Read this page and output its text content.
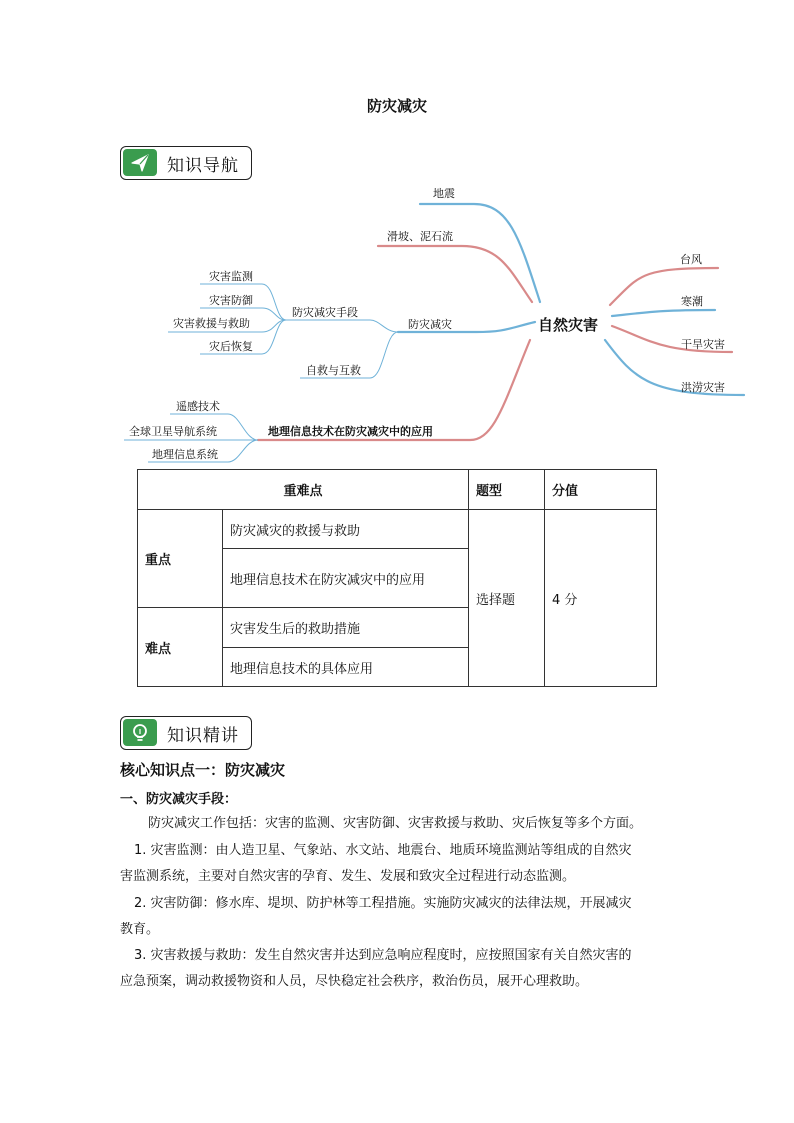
防灾减灾
知识导航
自然灾害
台风
寒潮
干旱灾害
洪涝灾害
地震
滑坡、泥石流
防灾减灾
防灾减灾手段
自救与互救
灾害监测
灾害防御
灾害救援与救助
灾后恢复
地理信息技术在防灾减灾中的应用
遥感技术
全球卫星导航系统
地理信息系统
重难点		题型	分值
重点	防灾减灾的救援与救助	选择题	4 分
	地理信息技术在防灾减灾中的应用		
难点	灾害发生后的救助措施		
	地理信息技术的具体应用		
知识精讲
核心知识点一：防灾减灾
一、防灾减灾手段：
防灾减灾工作包括：灾害的监测、灾害防御、灾害救援与救助、灾后恢复等多个方面。
1. 灾害监测：由人造卫星、气象站、水文站、地震台、地质环境监测站等组成的自然灾
害监测系统，主要对自然灾害的孕育、发生、发展和致灾全过程进行动态监测。
2. 灾害防御：修水库、堤坝、防护林等工程措施。实施防灾减灾的法律法规，开展减灾
教育。
3. 灾害救援与救助：发生自然灾害并达到应急响应程度时，应按照国家有关自然灾害的
应急预案，调动救援物资和人员，尽快稳定社会秩序，救治伤员，展开心理救助。
